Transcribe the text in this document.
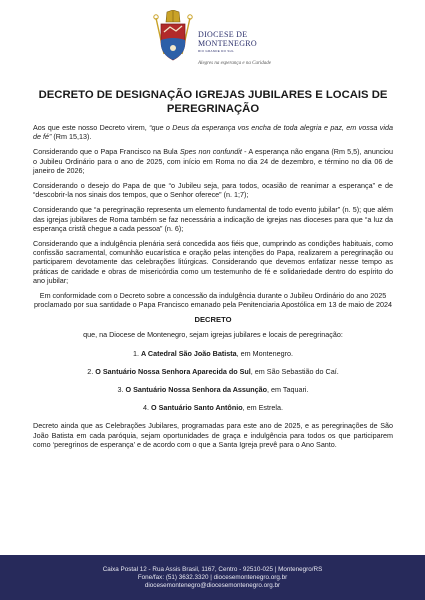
DIOCESE DE
MONTENEGRO
RIO GRANDE DO SUL
Alegres na esperança e na Caridade
DECRETO DE DESIGNAÇÃO IGREJAS JUBILARES E LOCAIS DE PEREGRINAÇÃO

Aos que este nosso Decreto virem, “que o Deus da esperança vos encha de toda alegria e paz, em vossa vida de fé” (Rm 15,13).

Considerando que o Papa Francisco na Bula Spes non confundit - A esperança não engana (Rm 5,5), anunciou o Jubileu Ordinário para o ano de 2025, com início em Roma no dia 24 de dezembro, e término no dia 06 de janeiro de 2026;

Considerando o desejo do Papa de que “o Jubileu seja, para todos, ocasião de reanimar a esperança” e de “descobrir-la nos sinais dos tempos, que o Senhor oferece” (n. 1;7);

Considerando que “a peregrinação representa um elemento fundamental de todo evento jubilar” (n. 5); que além das igrejas jubilares de Roma também se faz necessária a indicação de igrejas nas dioceses para que “a luz da esperança cristã chegue a cada pessoa” (n. 6);

Considerando que a indulgência plenária será concedida aos fiéis que, cumprindo as condições habituais, como confissão sacramental, comunhão eucarística e oração pelas intenções do Papa, realizarem a peregrinação ou participarem devotamente das celebrações litúrgicas. Considerando que devemos enfatizar nesse tempo as práticas de caridade e obras de misericórdia como um testemunho de fé e solidariedade dentro do espírito do ano jubilar;

Em conformidade com o Decreto sobre a concessão da indulgência durante o Jubileu Ordinário do ano 2025 proclamado por sua santidade o Papa Francisco emanado pela Penitenciaria Apostólica em 13 de maio de 2024

DECRETO

que, na Diocese de Montenegro, sejam igrejas jubilares e locais de peregrinação:

1. A Catedral São João Batista, em Montenegro.
2. O Santuário Nossa Senhora Aparecida do Sul, em São Sebastião do Caí.
3. O Santuário Nossa Senhora da Assunção, em Taquari.
4. O Santuário Santo Antônio, em Estrela.

Decreto ainda que as Celebrações Jubilares, programadas para este ano de 2025, e as peregrinações de São João Batista em cada paróquia, sejam oportunidades de graça e indulgência para todos os que participarem como ‘peregrinos de esperança’ e de acordo com o que a Santa Igreja prevê para o Ano Santo.

Caixa Postal 12 - Rua Assis Brasil, 1167, Centro - 92510-025 | Montenegro/RS
Fone/fax: (51) 3632.3320 | diocesemontenegro.org.br
diocesemontenegro@diocesemontenegro.org.br
